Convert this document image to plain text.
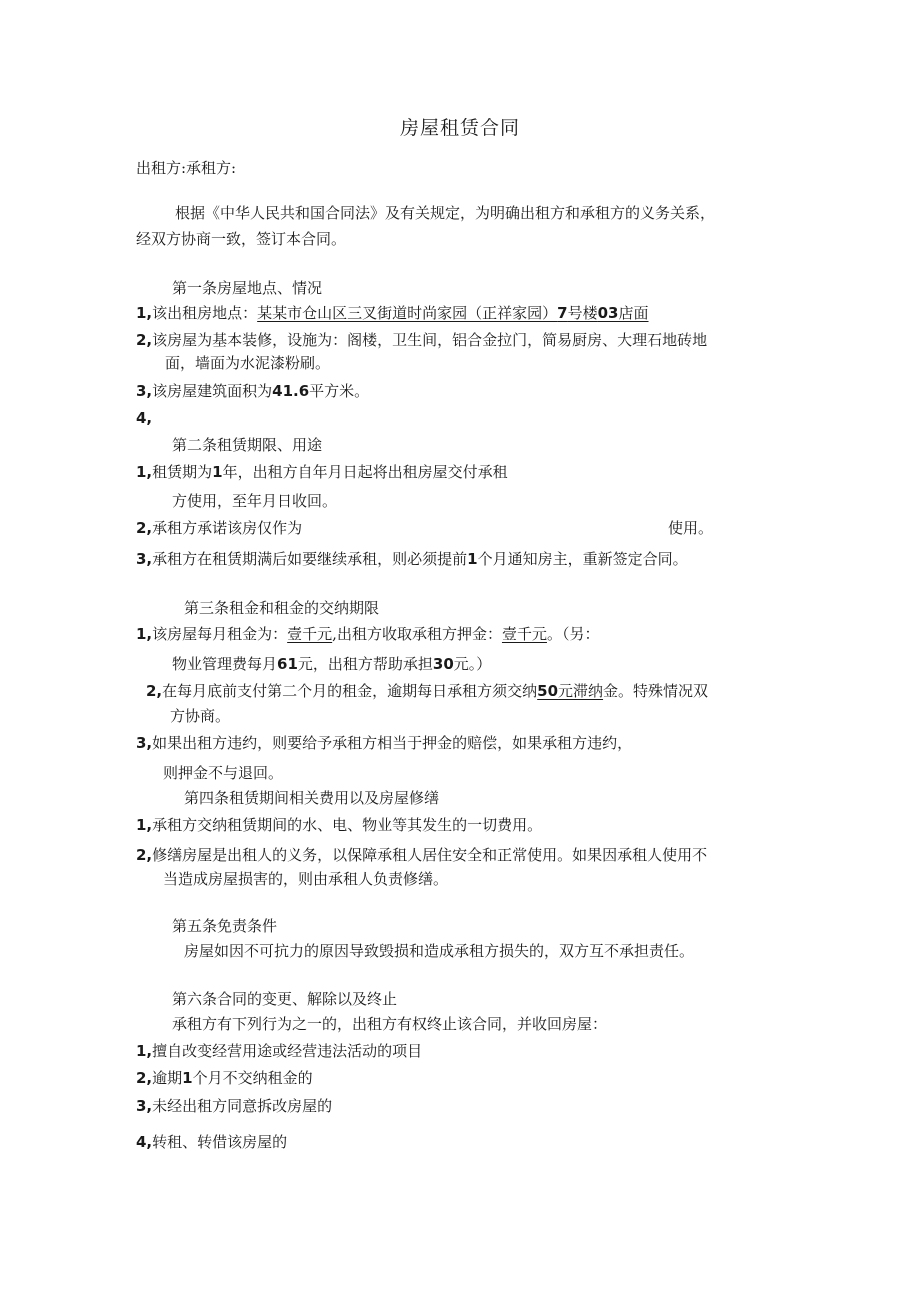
房屋租赁合同
出租方:承租方:
根据《中华人民共和国合同法》及有关规定，为明确出租方和承租方的义务关系，
经双方协商一致，签订本合同。
第一条房屋地点、情况
1,该出租房地点：某某市仓山区三叉街道时尚家园（正祥家园）7号楼03店面
2,该房屋为基本装修，设施为：阁楼，卫生间，铝合金拉门，简易厨房、大理石地砖地
面，墙面为水泥漆粉刷。
3,该房屋建筑面积为41.6平方米。
4,
第二条租赁期限、用途
1,租赁期为1年，出租方自年月日起将出租房屋交付承租
方使用，至年月日收回。
2,承租方承诺该房仅作为	使用。
3,承租方在租赁期满后如要继续承租，则必须提前1个月通知房主，重新签定合同。
第三条租金和租金的交纳期限
1,该房屋每月租金为：壹千元,出租方收取承租方押金：壹千元。（另：
物业管理费每月61元，出租方帮助承担30元。）
2,在每月底前支付第二个月的租金，逾期每日承租方须交纳50元滞纳金。特殊情况双
方协商。
3,如果出租方违约，则要给予承租方相当于押金的赔偿，如果承租方违约，
则押金不与退回。
第四条租赁期间相关费用以及房屋修缮
1,承租方交纳租赁期间的水、电、物业等其发生的一切费用。
2,修缮房屋是出租人的义务，以保障承租人居住安全和正常使用。如果因承租人使用不
当造成房屋损害的，则由承租人负责修缮。
第五条免责条件
房屋如因不可抗力的原因导致毁损和造成承租方损失的，双方互不承担责任。
第六条合同的变更、解除以及终止
承租方有下列行为之一的，出租方有权终止该合同，并收回房屋：
1,擅自改变经营用途或经营违法活动的项目
2,逾期1个月不交纳租金的
3,未经出租方同意拆改房屋的
4,转租、转借该房屋的
